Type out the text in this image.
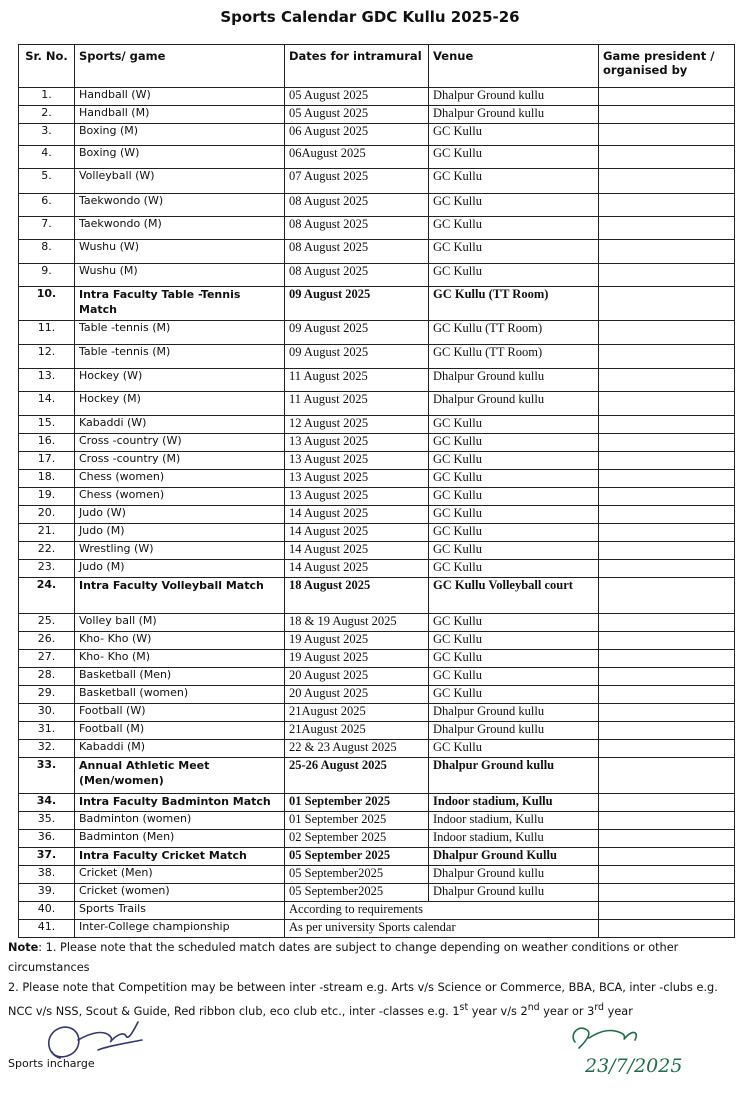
Sports Calendar GDC Kullu 2025-26
Sr. No.	Sports/ game	Dates for intramural	Venue	Game president / organised by
1.	Handball (W)	05 August 2025	Dhalpur Ground kullu	
2.	Handball (M)	05 August 2025	Dhalpur Ground kullu	
3.	Boxing (M)	06 August 2025	GC Kullu	
4.	Boxing (W)	06August 2025	GC Kullu	
5.	Volleyball (W)	07 August 2025	GC Kullu	
6.	Taekwondo (W)	08 August 2025	GC Kullu	
7.	Taekwondo (M)	08 August 2025	GC Kullu	
8.	Wushu (W)	08 August 2025	GC Kullu	
9.	Wushu (M)	08 August 2025	GC Kullu	
10.	Intra Faculty Table -Tennis Match	09 August 2025	GC Kullu (TT Room)	
11.	Table -tennis (M)	09 August 2025	GC Kullu (TT Room)	
12.	Table -tennis (M)	09 August 2025	GC Kullu (TT Room)	
13.	Hockey (W)	11 August 2025	Dhalpur Ground kullu	
14.	Hockey (M)	11 August 2025	Dhalpur Ground kullu	
15.	Kabaddi (W)	12 August 2025	GC Kullu	
16.	Cross -country (W)	13 August 2025	GC Kullu	
17.	Cross -country (M)	13 August 2025	GC Kullu	
18.	Chess (women)	13 August 2025	GC Kullu	
19.	Chess (women)	13 August 2025	GC Kullu	
20.	Judo (W)	14 August 2025	GC Kullu	
21.	Judo (M)	14 August 2025	GC Kullu	
22.	Wrestling (W)	14 August 2025	GC Kullu	
23.	Judo (M)	14 August 2025	GC Kullu	
24.	Intra Faculty Volleyball Match	18 August 2025	GC Kullu Volleyball court	
25.	Volley ball (M)	18 & 19 August 2025	GC Kullu	
26.	Kho- Kho (W)	19 August 2025	GC Kullu	
27.	Kho- Kho (M)	19 August 2025	GC Kullu	
28.	Basketball (Men)	20 August 2025	GC Kullu	
29.	Basketball (women)	20 August 2025	GC Kullu	
30.	Football (W)	21August 2025	Dhalpur Ground kullu	
31.	Football (M)	21August 2025	Dhalpur Ground kullu	
32.	Kabaddi (M)	22 & 23 August 2025	GC Kullu	
33.	Annual Athletic Meet (Men/women)	25-26 August 2025	Dhalpur Ground kullu	
34.	Intra Faculty Badminton Match	01 September 2025	Indoor stadium, Kullu	
35.	Badminton (women)	01 September 2025	Indoor stadium, Kullu	
36.	Badminton (Men)	02 September 2025	Indoor stadium, Kullu	
37.	Intra Faculty Cricket Match	05 September 2025	Dhalpur Ground Kullu	
38.	Cricket (Men)	05 September2025	Dhalpur Ground kullu	
39.	Cricket (women)	05 September2025	Dhalpur Ground kullu	
40.	Sports Trails	According to requirements		
41.	Inter-College championship	As per university Sports calendar		
Note: 1. Please note that the scheduled match dates are subject to change depending on weather conditions or other circumstances
2. Please note that Competition may be between inter -stream e.g. Arts v/s Science or Commerce, BBA, BCA, inter -clubs e.g. NCC v/s NSS, Scout & Guide, Red ribbon club, eco club etc., inter -classes e.g. 1st year v/s 2nd year or 3rd year
Sports incharge	23/7/2025
